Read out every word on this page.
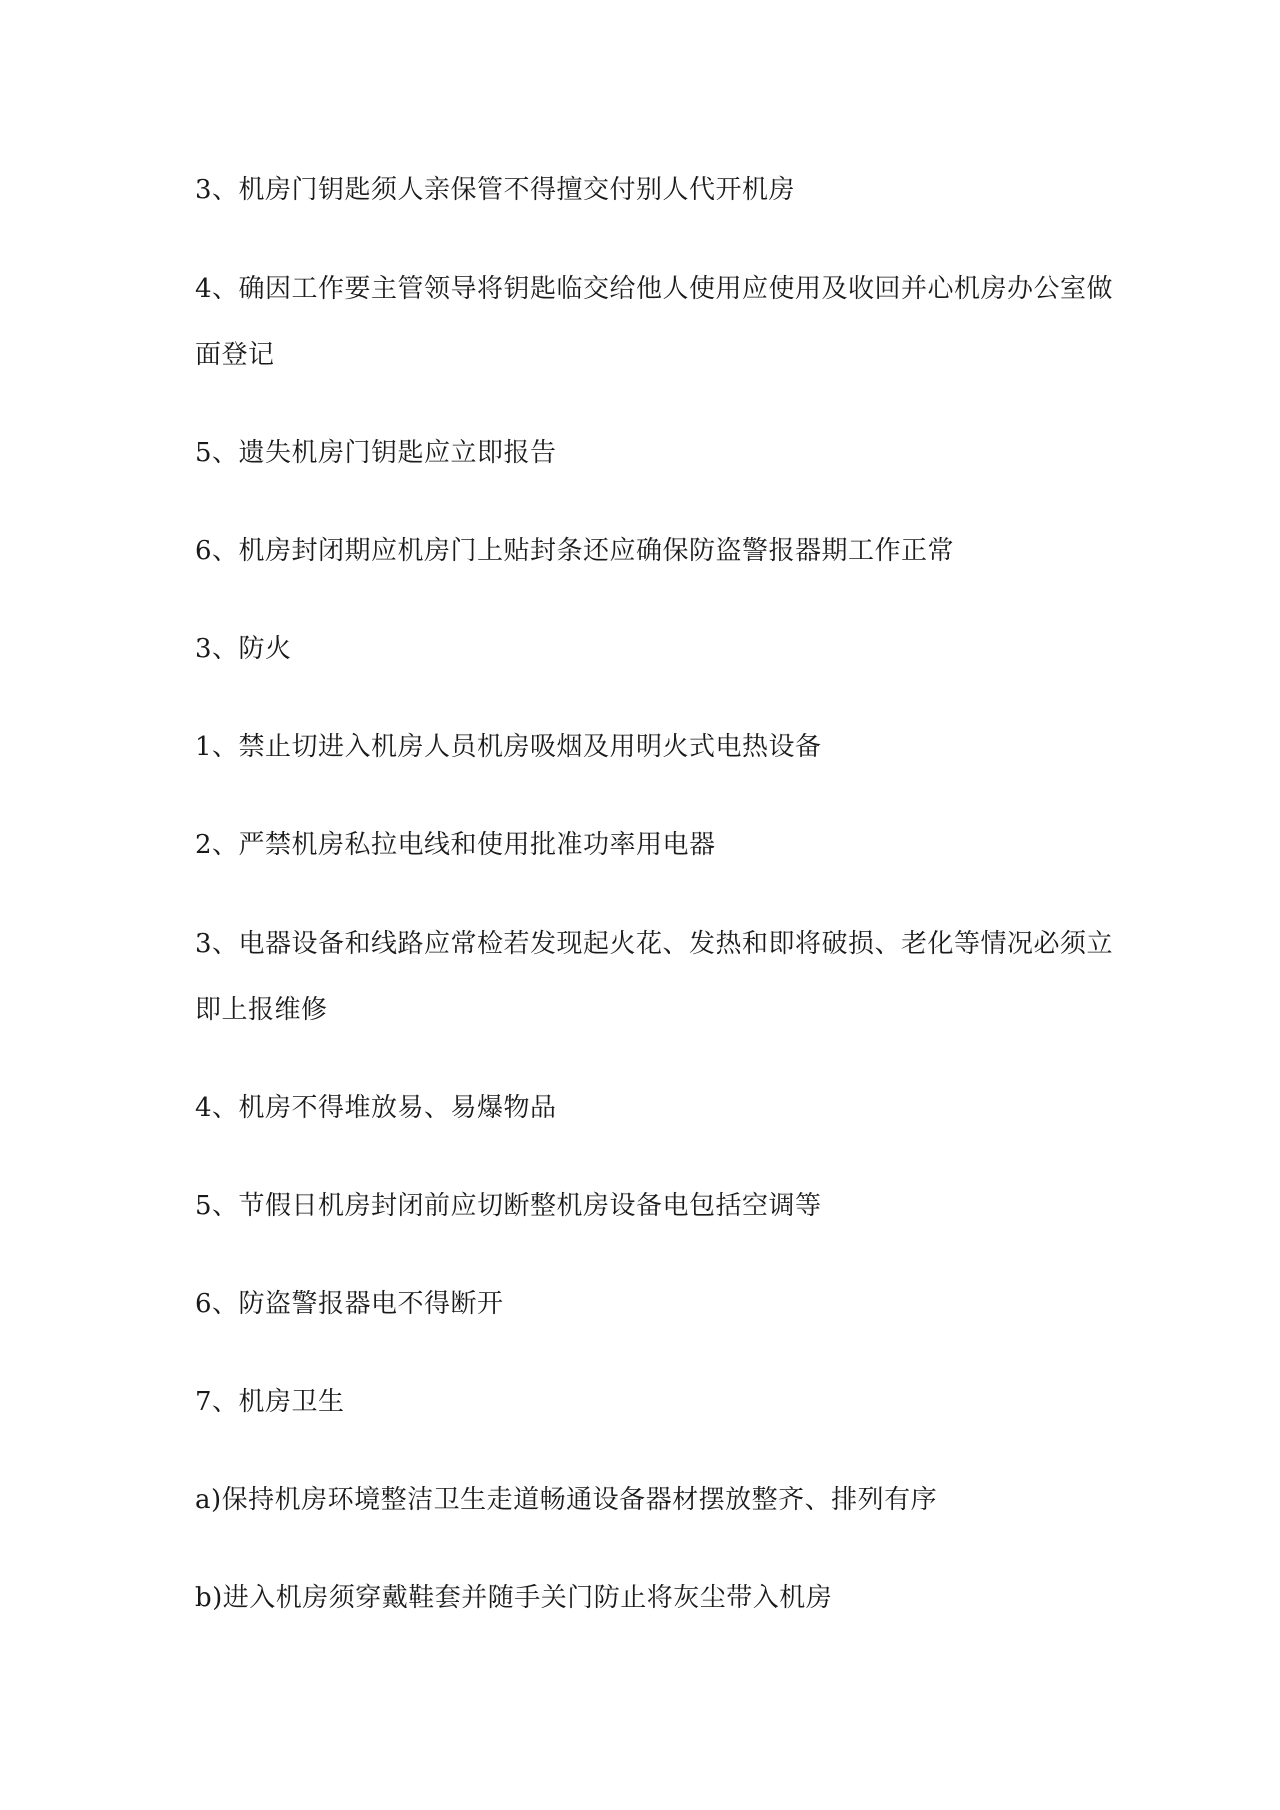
3、机房门钥匙须人亲保管不得擅交付别人代开机房

4、确因工作要主管领导将钥匙临交给他人使用应使用及收回并心机房办公室做

面登记

5、遗失机房门钥匙应立即报告

6、机房封闭期应机房门上贴封条还应确保防盗警报器期工作正常

3、防火

1、禁止切进入机房人员机房吸烟及用明火式电热设备

2、严禁机房私拉电线和使用批准功率用电器

3、电器设备和线路应常检若发现起火花、发热和即将破损、老化等情况必须立

即上报维修

4、机房不得堆放易、易爆物品

5、节假日机房封闭前应切断整机房设备电包括空调等

6、防盗警报器电不得断开

7、机房卫生

a)保持机房环境整洁卫生走道畅通设备器材摆放整齐、排列有序

b)进入机房须穿戴鞋套并随手关门防止将灰尘带入机房
